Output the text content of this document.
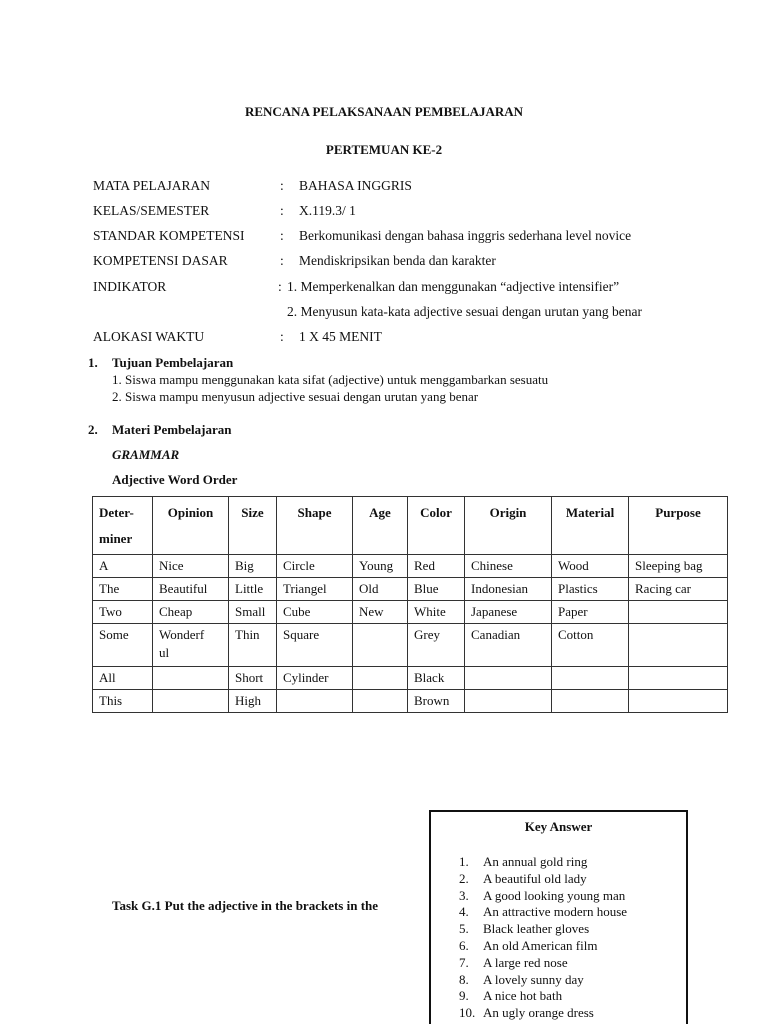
RENCANA PELAKSANAAN PEMBELAJARAN
PERTEMUAN KE-2
MATA PELAJARAN	: BAHASA INGGRIS
KELAS/SEMESTER	: X.119.3/ 1
STANDAR KOMPETENSI	: Berkomunikasi dengan bahasa inggris sederhana level novice
KOMPETENSI DASAR	: Mendiskripsikan benda dan karakter
INDIKATOR	: 1. Memperkenalkan dan menggunakan “adjective intensifier”
2. Menyusun kata-kata adjective sesuai dengan urutan yang benar
ALOKASI WAKTU	: 1 X 45 MENIT
1. Tujuan Pembelajaran
1. Siswa mampu menggunakan kata sifat (adjective) untuk menggambarkan sesuatu
2. Siswa mampu menyusun adjective sesuai dengan urutan yang benar
2. Materi Pembelajaran
GRAMMAR
Adjective Word Order
Deter-
miner	Opinion	Size	Shape	Age	Color	Origin	Material	Purpose
A	Nice	Big	Circle	Young	Red	Chinese	Wood	Sleeping bag
The	Beautiful	Little	Triangel	Old	Blue	Indonesian	Plastics	Racing car
Two	Cheap	Small	Cube	New	White	Japanese	Paper	
Some	Wonderf
ul	Thin	Square		Grey	Canadian	Cotton	
All		Short	Cylinder		Black			
This		High			Brown			
Task G.1 Put the adjective in the brackets in the
Key Answer
1. An annual gold ring
2. A beautiful old lady
3. A good looking young man
4. An attractive modern house
5. Black leather gloves
6. An old American film
7. A large red nose
8. A lovely sunny day
9. A nice hot bath
10. An ugly orange dress
